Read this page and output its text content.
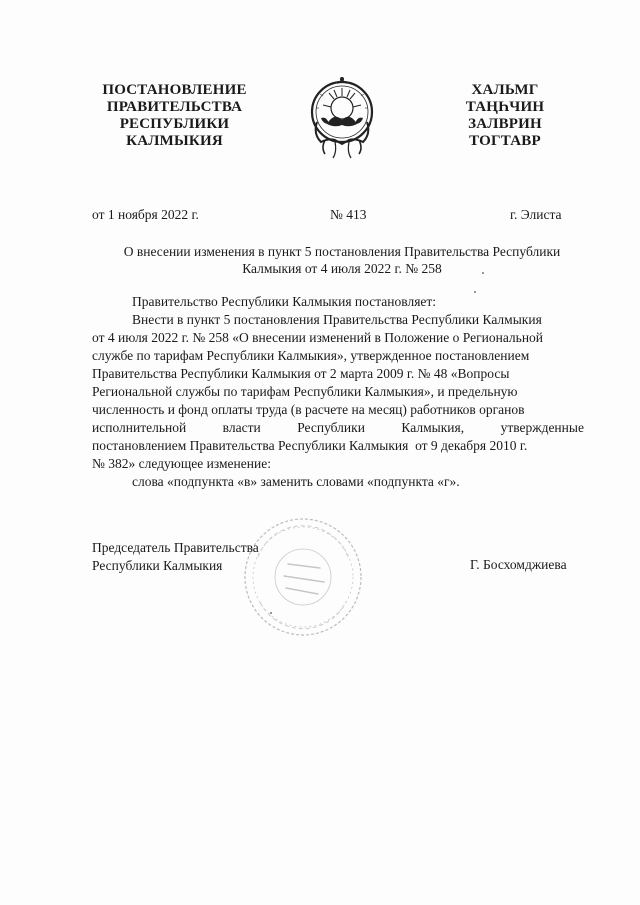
ПОСТАНОВЛЕНИЕ
ПРАВИТЕЛЬСТВА
РЕСПУБЛИКИ
КАЛМЫКИЯ
ХАЛЬМГ
ТАҢҺЧИН
ЗАЛВРИН
ТОГТАВР
от 1 ноября 2022 г.	№ 413	г. Элиста
О внесении изменения в пункт 5 постановления Правительства Республики
Калмыкия от 4 июля 2022 г. № 258
Правительство Республики Калмыкия постановляет:
Внести в пункт 5 постановления Правительства Республики Калмыкия
от 4 июля 2022 г. № 258 «О внесении изменений в Положение о Региональной
службе по тарифам Республики Калмыкия», утвержденное постановлением
Правительства Республики Калмыкия от 2 марта 2009 г. № 48 «Вопросы
Региональной службы по тарифам Республики Калмыкия», и предельную
численность и фонд оплаты труда (в расчете на месяц) работников органов
исполнительной	власти	Республики	Калмыкия,	утвержденные
постановлением Правительства Республики Калмыкия  от 9 декабря 2010 г.
№ 382» следующее изменение:
слова «подпункта «в» заменить словами «подпункта «г».
Председатель Правительства
Республики Калмыкия	Г. Босхомджиева
